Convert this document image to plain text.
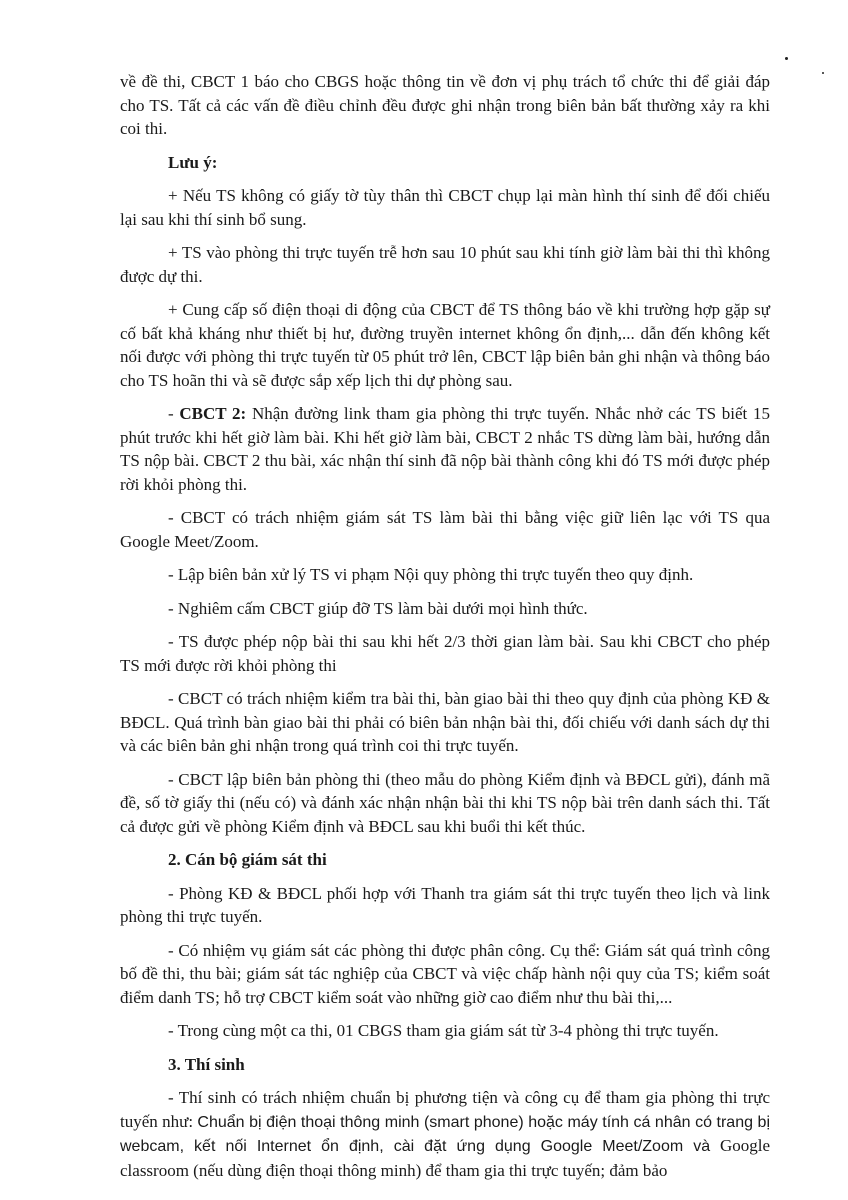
về đề thi, CBCT 1 báo cho CBGS hoặc thông tin về đơn vị phụ trách tổ chức thi để giải đáp cho TS. Tất cả các vấn đề điều chỉnh đều được ghi nhận trong biên bản bất thường xảy ra khi coi thi.

Lưu ý:

+ Nếu TS không có giấy tờ tùy thân thì CBCT chụp lại màn hình thí sinh để đối chiếu lại sau khi thí sinh bổ sung.

+ TS vào phòng thi trực tuyến trễ hơn sau 10 phút sau khi tính giờ làm bài thi thì không được dự thi.

+ Cung cấp số điện thoại di động của CBCT để TS thông báo về khi trường hợp gặp sự cố bất khả kháng như thiết bị hư, đường truyền internet không ổn định,... dẫn đến không kết nối được với phòng thi trực tuyến từ 05 phút trở lên, CBCT lập biên bản ghi nhận và thông báo cho TS hoãn thi và sẽ được sắp xếp lịch thi dự phòng sau.

- CBCT 2: Nhận đường link tham gia phòng thi trực tuyến. Nhắc nhở các TS biết 15 phút trước khi hết giờ làm bài. Khi hết giờ làm bài, CBCT 2 nhắc TS dừng làm bài, hướng dẫn TS nộp bài. CBCT 2 thu bài, xác nhận thí sinh đã nộp bài thành công khi đó TS mới được phép rời khỏi phòng thi.

- CBCT có trách nhiệm giám sát TS làm bài thi bằng việc giữ liên lạc với TS qua Google Meet/Zoom.

- Lập biên bản xử lý TS vi phạm Nội quy phòng thi trực tuyến theo quy định.

- Nghiêm cấm CBCT giúp đỡ TS làm bài dưới mọi hình thức.

- TS được phép nộp bài thi sau khi hết 2/3 thời gian làm bài. Sau khi CBCT cho phép TS mới được rời khỏi phòng thi

- CBCT có trách nhiệm kiểm tra bài thi, bàn giao bài thi theo quy định của phòng KĐ & BĐCL. Quá trình bàn giao bài thi phải có biên bản nhận bài thi, đối chiếu với danh sách dự thi và các biên bản ghi nhận trong quá trình coi thi trực tuyến.

- CBCT lập biên bản phòng thi (theo mẫu do phòng Kiểm định và BĐCL gửi), đánh mã đề, số tờ giấy thi (nếu có) và đánh xác nhận nhận bài thi khi TS nộp bài trên danh sách thi. Tất cả được gửi về phòng Kiểm định và BĐCL sau khi buổi thi kết thúc.

2. Cán bộ giám sát thi

- Phòng KĐ & BĐCL phối hợp với Thanh tra giám sát thi trực tuyến theo lịch và link phòng thi trực tuyến.

- Có nhiệm vụ giám sát các phòng thi được phân công. Cụ thể: Giám sát quá trình công bố đề thi, thu bài; giám sát tác nghiệp của CBCT và việc chấp hành nội quy của TS; kiểm soát điểm danh TS; hỗ trợ CBCT kiểm soát vào những giờ cao điểm như thu bài thi,...

- Trong cùng một ca thi, 01 CBGS tham gia giám sát từ 3-4 phòng thi trực tuyến.

3. Thí sinh

- Thí sinh có trách nhiệm chuẩn bị phương tiện và công cụ để tham gia phòng thi trực tuyến như: Chuẩn bị điện thoại thông minh (smart phone) hoặc máy tính cá nhân có trang bị webcam, kết nối Internet ổn định, cài đặt ứng dụng Google Meet/Zoom và Google classroom (nếu dùng điện thoại thông minh) để tham gia thi trực tuyến; đảm bảo
